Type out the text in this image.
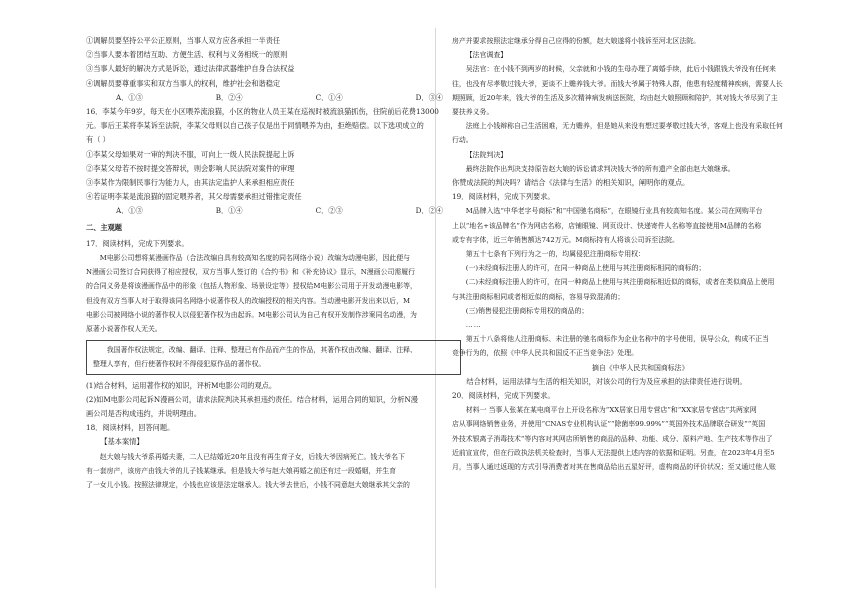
①调解员要坚持公平公正原则，当事人双方应各承担一半责任

②当事人要本着团结互助、方便生活、权利与义务相统一的原则

③当事人最好的解决方式是诉讼，通过法律武器维护自身合法权益

④调解员要尊重事实和双方当事人的权利，维护社会和谐稳定

A．①③	B．②④	C．①④	D．③④

16．李某今年9岁，每天在小区喂养流浪猫，小区的物业人员王某在巡视时被流浪猫抓伤，住院前后花费13000

元。事后王某将李某诉至法院，李某父母则以自己孩子仅是出于同情喂养为由，拒绝赔偿。以下选项成立的

有（ ）

①李某父母如果对一审的判决不服，可向上一级人民法院提起上诉

②李某父母若不按时提交答辩状，则会影响人民法院对案件的审理

③李某作为限制民事行为能力人，由其法定监护人来承担相应责任

④若证明李某是流浪猫的固定喂养者，其父母需要承担过错推定责任

A．①③	B．①④	C．②③	D．②④

二、主观题

17．阅读材料，完成下列要求。

M电影公司想将某漫画作品（合法改编自具有较高知名度的同名网络小说）改编为动漫电影，因此便与

N漫画公司签订合同获得了相应授权，双方当事人签订的《合约书》和《补充协议》显示，N漫画公司需履行

的合同义务是将该漫画作品中的形象（包括人物形象、场景设定等）授权给M电影公司用于开发动漫电影等，

但没有双方当事人对于取得该同名网络小说著作权人的改编授权的相关内容。当动漫电影开发出来以后，M

电影公司被网络小说的著作权人以侵犯著作权为由起诉。M电影公司认为自己有权开发制作涉案同名动漫，为

原著小说著作权人无关。

我国著作权法规定，改编、翻译、注释、整理已有作品而产生的作品，其著作权由改编、翻译、注释、

整理人享有，但行使著作权时不得侵犯原作品的著作权。

(1)结合材料，运用著作权的知识，评析M电影公司的观点。

(2)如M电影公司起诉N漫画公司，请求法院判决其承担违约责任。结合材料，运用合同的知识，分析N漫

画公司是否构成违约，并说明理由。

18．阅读材料，回答问题。

【基本案情】

赵大娘与钱大爷系再婚夫妻，二人已结婚近20年且没有再生育子女，后钱大爷因病死亡。钱大爷名下

有一套房产，该房产由钱大爷的儿子钱某继承。但是钱大爷与赵大娘再婚之前还有过一段婚姻，并生育

了一女儿小钱。按照法律规定，小钱也应该是法定继承人。钱大爷去世后，小钱不同意赵大娘继承其父亲的

房产并要求按照法定继承分得自己应得的份额，赵大娘遂将小钱诉至河北区法院。

【法官调查】

吴法官：在小钱不到两岁的时候，父亲就和小钱的生母办理了离婚手续，此后小钱跟钱大爷没有任何来

往，也没有尽孝敬过钱大爷，更谈不上赡养钱大爷。而钱大爷属于特殊人群，他患有轻度精神疾病，需要人长

期照顾，近20年来，钱大爷的生活及多次精神病发病送医院，均由赵大娘照顾和陪护，其对钱大爷尽到了主

要扶养义务。

法庭上小钱辩称自己生活困难，无力赡养，但是她从来没有想过要孝敬过钱大爷，客观上也没有采取任何

行动。

【法院判决】

最终法院作出判决支持原告赵大娘的诉讼请求判决钱大爷的所有遗产全部由赵大娘继承。

你赞成法院的判决吗？请结合《法律与生活》的相关知识，阐明你的观点。

19．阅读材料，完成下列要求。

M品牌入选“中华老字号商标”和“中国驰名商标”，在眼镜行业具有较高知名度。某公司在网购平台

上以“地名+该品牌名”作为网店名称，店铺眼镜、网页设计、快递寄件人名称等直接使用M品牌的名称

或专有字体，近三年销售额达742万元。M商标持有人将该公司诉至法院。

第五十七条有下列行为之一的，均属侵犯注册商标专用权：

(一)未经商标注册人的许可，在同一种商品上使用与其注册商标相同的商标的；

(二)未经商标注册人的许可，在同一种商品上使用与其注册商标相近似的商标，或者在类似商品上使用

与其注册商标相同或者相近似的商标，容易导致混淆的；

(三)销售侵犯注册商标专用权的商品的；

……

第五十八条将他人注册商标、未注册的驰名商标作为企业名称中的字号使用，误导公众，构成不正当

竞争行为的，依照《中华人民共和国反不正当竞争法》处理。

摘自《中华人民共和国商标法》

结合材料，运用法律与生活的相关知识，对该公司的行为及应承担的法律责任进行说明。

20．阅读材料，完成下列要求。

材料一 当事人张某在某电商平台上开设名称为“XX居家日用专营店”和“XX家居专营店”共两家网

店从事网络销售业务，并使用“CNAS专业机构认证”“除菌率99.99%”“英国外技术品牌联合研发”“英国

外技术银离子消毒技术”等内容对其网店所销售的商品的品种、功能、成分、原料产地、生产技术等作出了

近前宣宣传，但在行政执法机关检查时，当事人无法提供上述内容的依据和证明。另查，在2023年4月至5

月，当事人通过返现的方式引导消费者对其在售商品给出五星好评，虚构商品的评价状况；至又通过他人账
